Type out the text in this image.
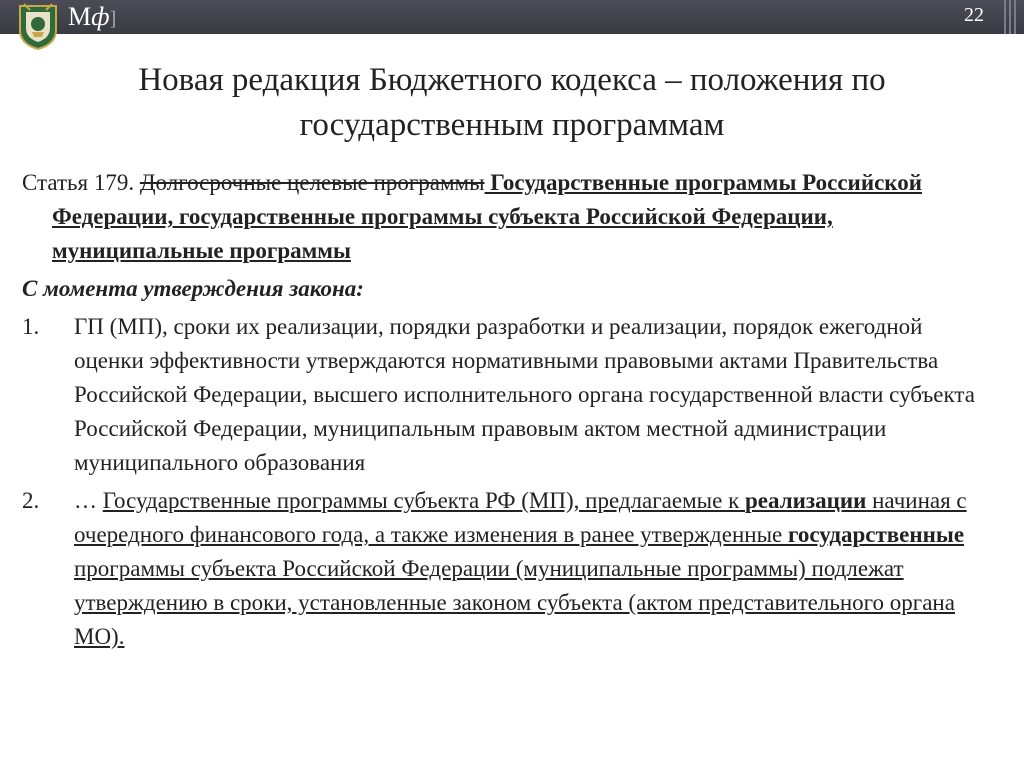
Мф]	22
Новая редакция Бюджетного кодекса – положения по
государственным программам

Статья 179. Долгосрочные целевые программы Государственные программы Российской Федерации, государственные программы субъекта Российской Федерации, муниципальные программы

С момента утверждения закона:

1.	ГП (МП), сроки их реализации, порядки разработки и реализации, порядок ежегодной оценки эффективности утверждаются нормативными правовыми актами Правительства Российской Федерации, высшего исполнительного органа государственной власти субъекта Российской Федерации, муниципальным правовым актом местной администрации муниципального образования
2.	… Государственные программы субъекта РФ (МП), предлагаемые к реализации начиная с очередного финансового года, а также изменения в ранее утвержденные государственные программы субъекта Российской Федерации (муниципальные программы) подлежат утверждению в сроки, установленные законом субъекта (актом представительного органа МО).
